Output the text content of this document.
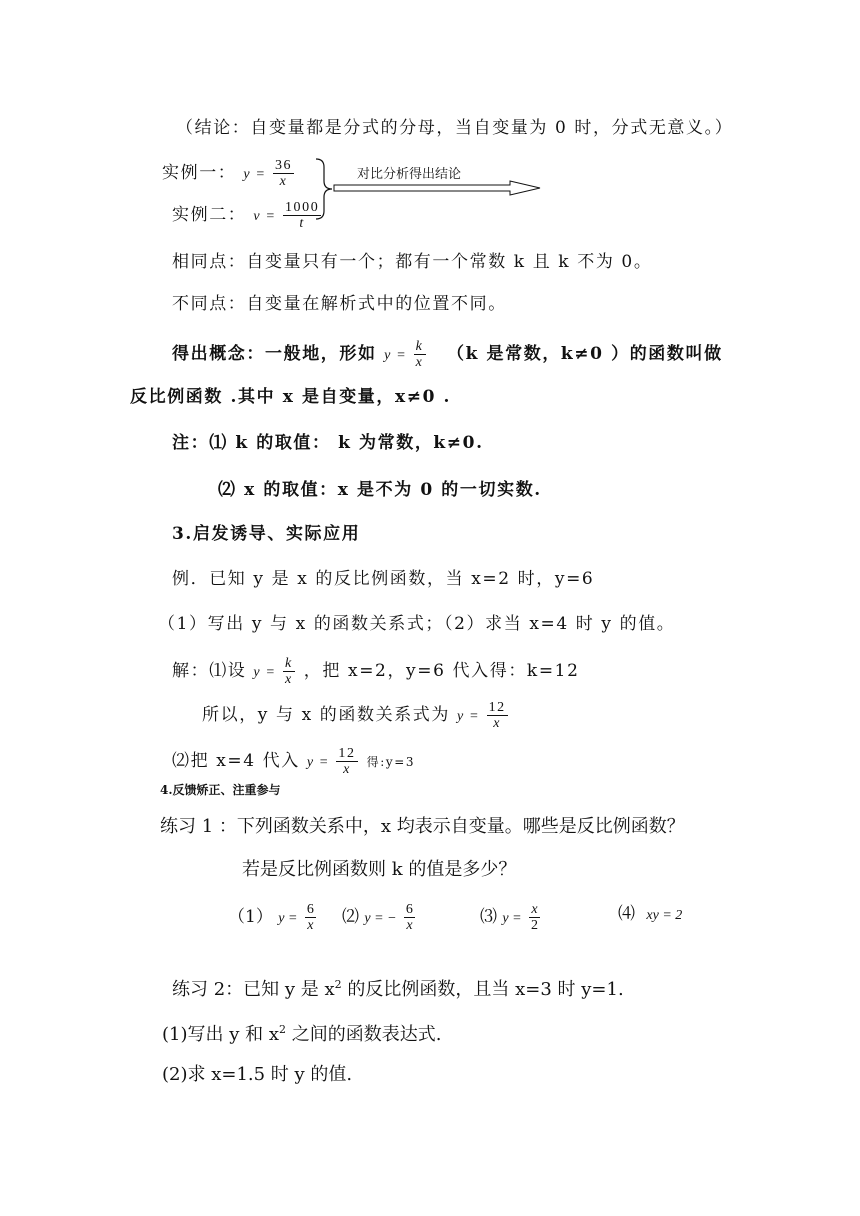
（结论：自变量都是分式的分母，当自变量为 0 时，分式无意义。）
实例一： $y = \frac{36}{x}$
实例二： $v = \frac{1000}{t}$
对比分析得出结论
相同点：自变量只有一个；都有一个常数 k 且 k 不为 0。
不同点：自变量在解析式中的位置不同。
得出概念：一般地，形如 $y = \frac{k}{x} (k$ 是常数，k≠0 ）的函数叫做
反比例函数 .其中 x 是自变量，x≠0 .
注：⑴ k 的取值： k 为常数，k≠0.
⑵ x 的取值：x 是不为 0 的一切实数.
3.启发诱导、实际应用
例．已知 y 是 x 的反比例函数，当 x=2 时，y=6
（1）写出 y 与 x 的函数关系式；（2）求当 x=4 时 y 的值。
解：⑴设 $y = \frac{k}{x}$ ，把 x=2，y=6 代入得：k=12
所以，y 与 x 的函数关系式为 $y = \frac{12}{x}$
⑵把 x=4 代入 $y = \frac{12}{x}$ 得:y=3
4.反馈矫正、注重参与
练习 1 ：下列函数关系中，x 均表示自变量。哪些是反比例函数？
若是反比例函数则 k 的值是多少？
（1） $y = \frac{6}{x}$ ⑵ y = − $\frac{6}{x}$	⑶ $y = \frac{x}{2}$	⑷ xy = 2
练习 2：已知 y 是 $x^2$ 的反比例函数，且当 x=3 时 y=1.
(1)写出 y 和 $x^2$ 之间的函数表达式.
(2)求 x=1.5 时 y 的值.
